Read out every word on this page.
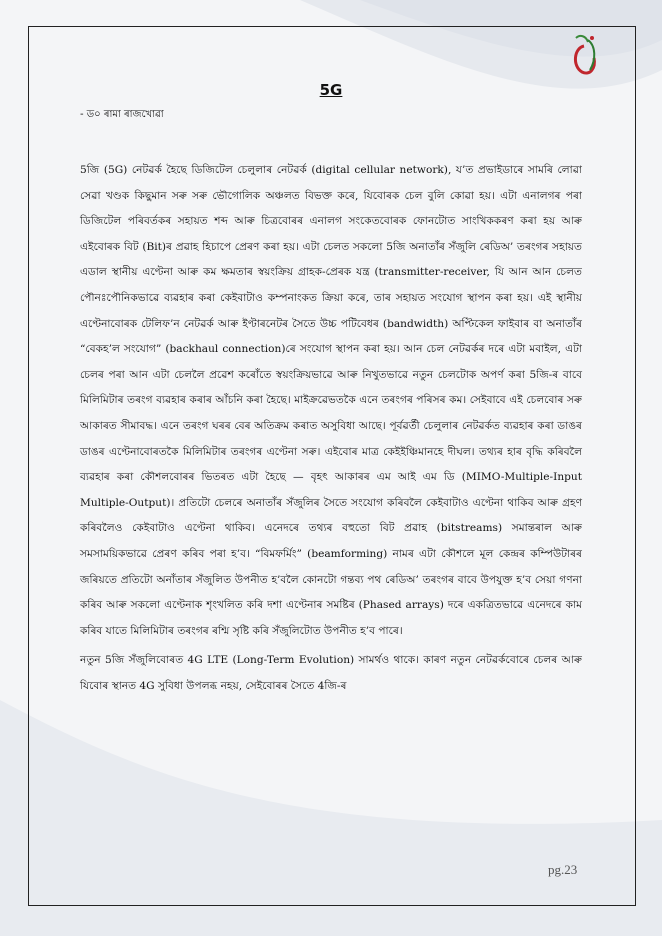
5G
- ড০ ৰামা ৰাজখোৱা

5জি (5G) নেটৱৰ্ক হৈছে ডিজিটেল চেলুলাৰ নেটৱৰ্ক (digital cellular network), য’ত প্ৰভাইডাৰে সামৰি লোৱা সেৱা খণ্ডক কিছুমান সৰু সৰু ভৌগোলিক অঞ্চলত বিভক্ত কৰে, যিবোৰক চেল বুলি কোৱা হয়। এটা এনালগৰ পৰা ডিজিটেল পৰিবৰ্তকৰ সহায়ত শব্দ আৰু চিত্ৰবোৰৰ এনালগ সংকেতবোৰক ফোনটোত সাংখিককৰণ কৰা হয় আৰু এইবোৰক বিট (Bit)ৰ প্ৰৱাহ হিচাপে প্ৰেৰণ কৰা হয়। এটা চেলত সকলো 5জি অনাতাঁৰ সঁজুলি ৰেডিঅ’ তৰংগৰ সহায়ত এডাল স্থানীয় এণ্টেনা আৰু কম ক্ষমতাৰ স্বয়ংক্ৰিয় গ্ৰাহক-প্ৰেৰক যন্ত্ৰ (transmitter-receiver, যি আন আন চেলত পৌনঃপৌনিকভাৱে ব্যৱহাৰ কৰা কেইবাটাও কম্পনাংকত ক্ৰিয়া কৰে, তাৰ সহায়ত সংযোগ স্থাপন কৰা হয়। এই স্থানীয় এণ্টেনাবোৰক টেলিফ’ন নেটৱৰ্ক আৰু ইণ্টাৰনেটৰ সৈতে উচ্চ পটিবেধৰ (bandwidth) অপ্টিকেল ফাইবাৰ বা অনাতাঁৰ “বেকহ’ল সংযোগ” (backhaul connection)ৰে সংযোগ স্থাপন কৰা হয়। আন চেল নেটৱৰ্কৰ দৰে এটা মবাইল, এটা চেলৰ পৰা আন এটা চেললৈ প্ৰৱেশ কৰোঁতে স্বয়ংক্ৰিয়ভাৱে আৰু নিখুতভাৱে নতুন চেলটোক অপৰ্ণ কৰা 5জি-ৰ বাবে মিলিমিটাৰ তৰংগ ব্যৱহাৰ কৰাৰ আঁচনি কৰা হৈছে। মাইক্ৰৱেভতকৈ এনে তৰংগৰ পৰিসৰ কম। সেইবাবে এই চেলবোৰ সৰু আকাৰত সীমাবদ্ধ। এনে তৰংগ ঘৰৰ বেৰ অতিক্ৰম কৰাত অসুবিধা আছে। পূৰ্বৱৰ্তী চেলুলাৰ নেটৱৰ্কত ব্যৱহাৰ কৰা ডাঙৰ ডাঙৰ এণ্টেনাবোৰতকৈ মিলিমিটাৰ তৰংগৰ এণ্টেনা সৰু। এইবোৰ মাত্ৰ কেইইঞ্চিমানহে দীঘল। তথ্যৰ হাৰ বৃদ্ধি কৰিবলৈ ব্যৱহাৰ কৰা কৌশলবোৰৰ ভিতৰত এটা হৈছে — বৃহৎ আকাৰৰ এম আই এম ডি (MIMO-Multiple-Input Multiple-Output)। প্ৰতিটো চেলৰে অনাতাঁৰ সঁজুলিৰ সৈতে সংযোগ কৰিবলৈ কেইবাটাও এণ্টেনা থাকিব আৰু গ্ৰহণ কৰিবলৈও কেইবাটাও এণ্টেনা থাকিব। এনেদৰে তথ্যৰ বহুতো বিট প্ৰৱাহ (bitstreams) সমান্তৰাল আৰু সমসাময়িকভাৱে প্ৰেৰণ কৰিব পৰা হ’ব। “বিমফৰ্মিং” (beamforming) নামৰ এটা কৌশলে মূল কেন্দ্ৰৰ কম্পিউটাৰৰ জৰিয়তে প্ৰতিটো অনাঁতাৰ সঁজুলিত উপনীত হ’বলৈ কোনটো গন্তব্য পথ ৰেডিঅ’ তৰংগৰ বাবে উপযুক্ত হ’ব সেয়া গণনা কৰিব আৰু সকলো এণ্টেনাক শৃংখলিত কৰি দশা এণ্টেনাৰ সমষ্টিৰ (Phased arrays) দৰে একত্ৰিতভাৱে এনেদৰে কাম কৰিব যাতে মিলিমিটাৰ তৰংগৰ ৰশ্মি সৃষ্টি কৰি সঁজুলিটোত উপনীত হ’ব পাৰে।

নতুন 5জি সঁজুলিবোৰত 4G LTE (Long-Term Evolution) সামৰ্থও থাকে। কাৰণ নতুন নেটৱৰ্কবোৰে চেলৰ আৰু যিবোৰ স্থানত 4G সুবিধা উপলব্ধ নহয়, সেইবোৰৰ সৈতে 4জি-ৰ

pg.23
